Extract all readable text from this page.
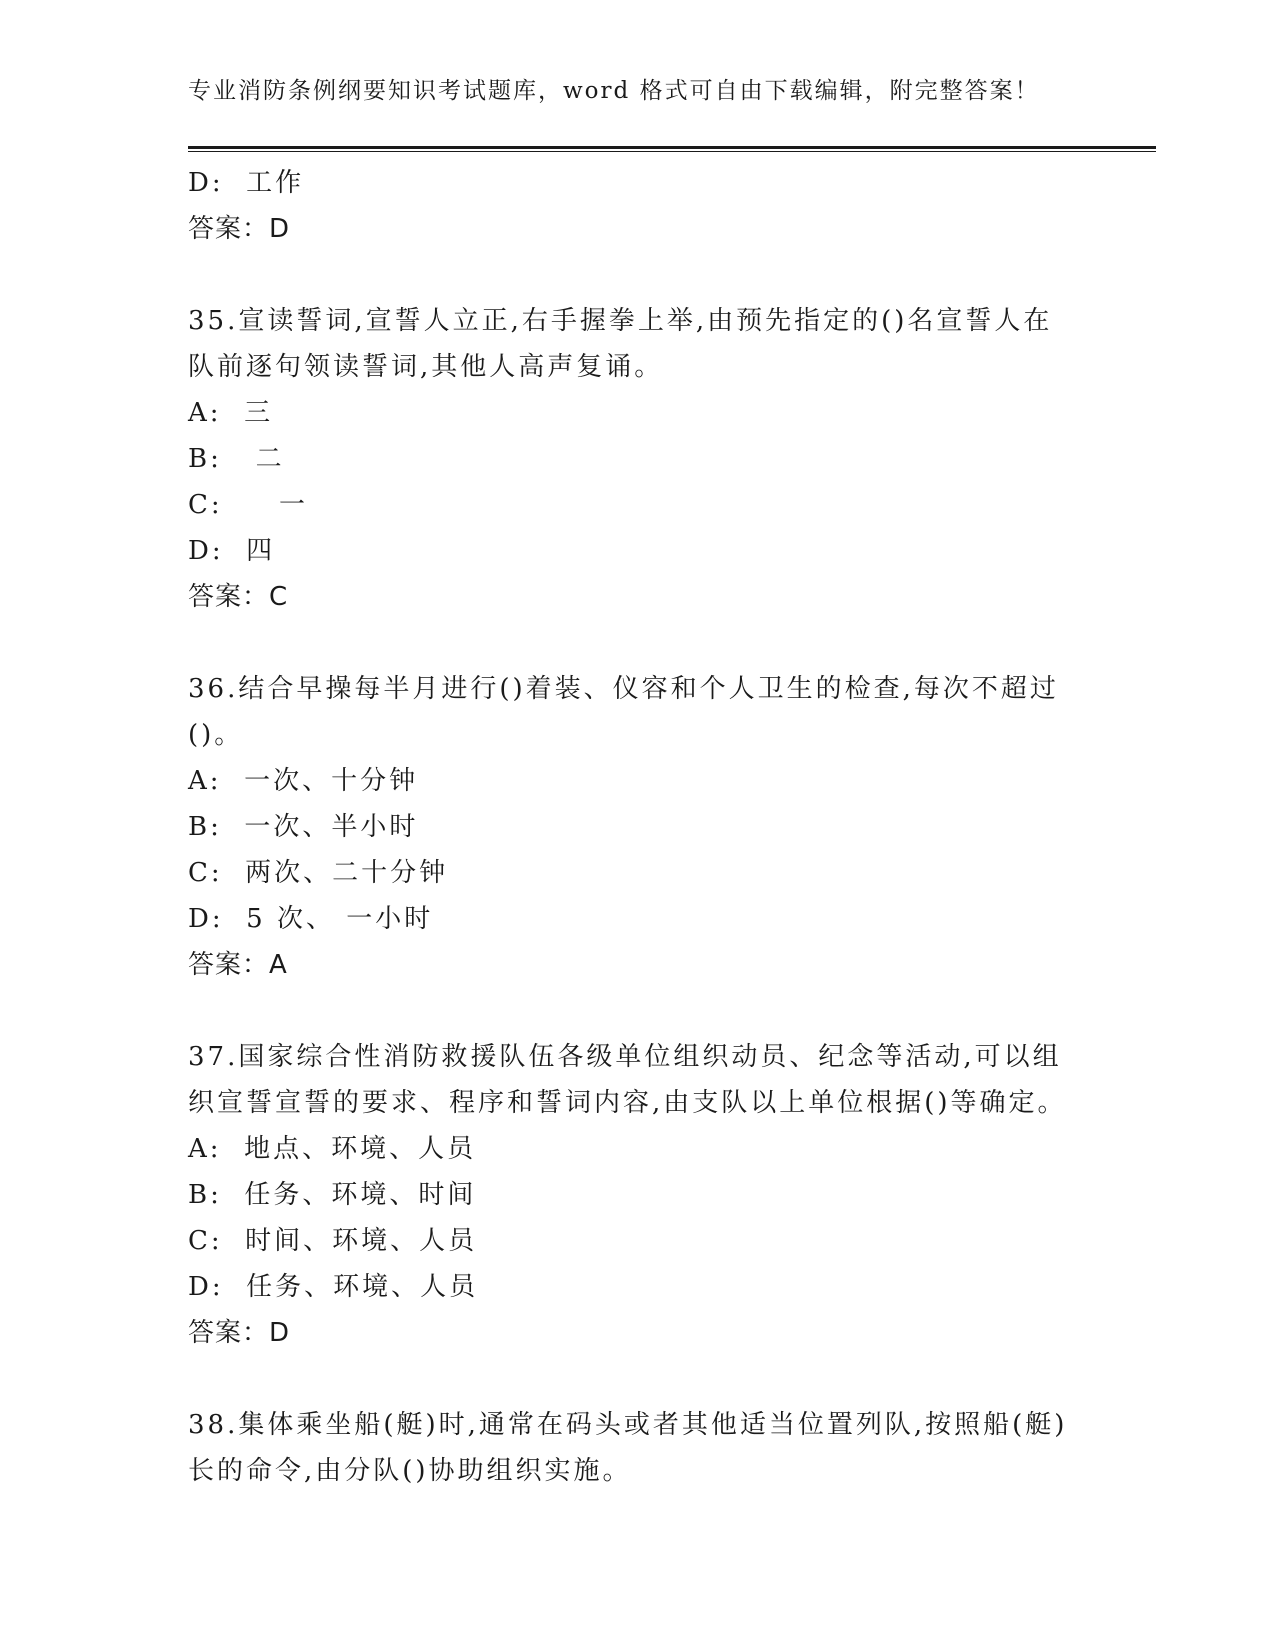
专业消防条例纲要知识考试题库，word 格式可自由下载编辑，附完整答案！
D:  工作
答案：D
35.宣读誓词,宣誓人立正,右手握拳上举,由预先指定的()名宣誓人在
队前逐句领读誓词,其他人高声复诵。
A:  三
B:   二
C:     一
D:  四
答案：C
36.结合早操每半月进行()着装、仪容和个人卫生的检查,每次不超过
()。
A:  一次、十分钟
B:  一次、半小时
C:  两次、二十分钟
D:  5 次、 一小时
答案：A
37.国家综合性消防救援队伍各级单位组织动员、纪念等活动,可以组
织宣誓宣誓的要求、程序和誓词内容,由支队以上单位根据()等确定。
A:  地点、环境、人员
B:  任务、环境、时间
C:  时间、环境、人员
D:  任务、环境、人员
答案：D
38.集体乘坐船(艇)时,通常在码头或者其他适当位置列队,按照船(艇)
长的命令,由分队()协助组织实施。
